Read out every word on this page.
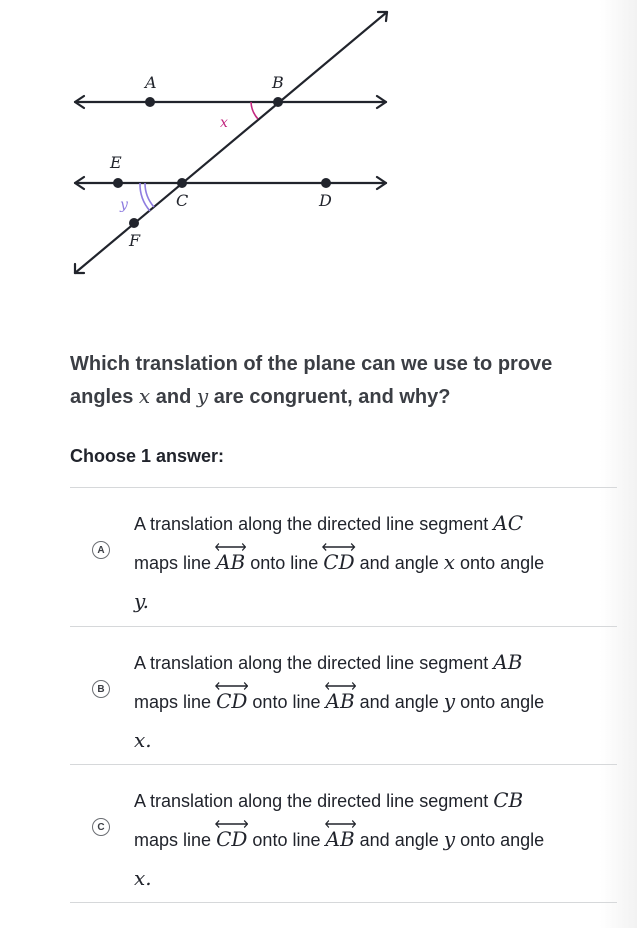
A	B
E
C	D
F
x
y
Which translation of the plane can we use to prove
angles x and y are congruent, and why?
Choose 1 answer:
A
A translation along the directed line segment AC
maps line AB onto line CD and angle x onto angle
y.
B
A translation along the directed line segment AB
maps line CD onto line AB and angle y onto angle
x.
C
A translation along the directed line segment CB
maps line CD onto line AB and angle y onto angle
x.
